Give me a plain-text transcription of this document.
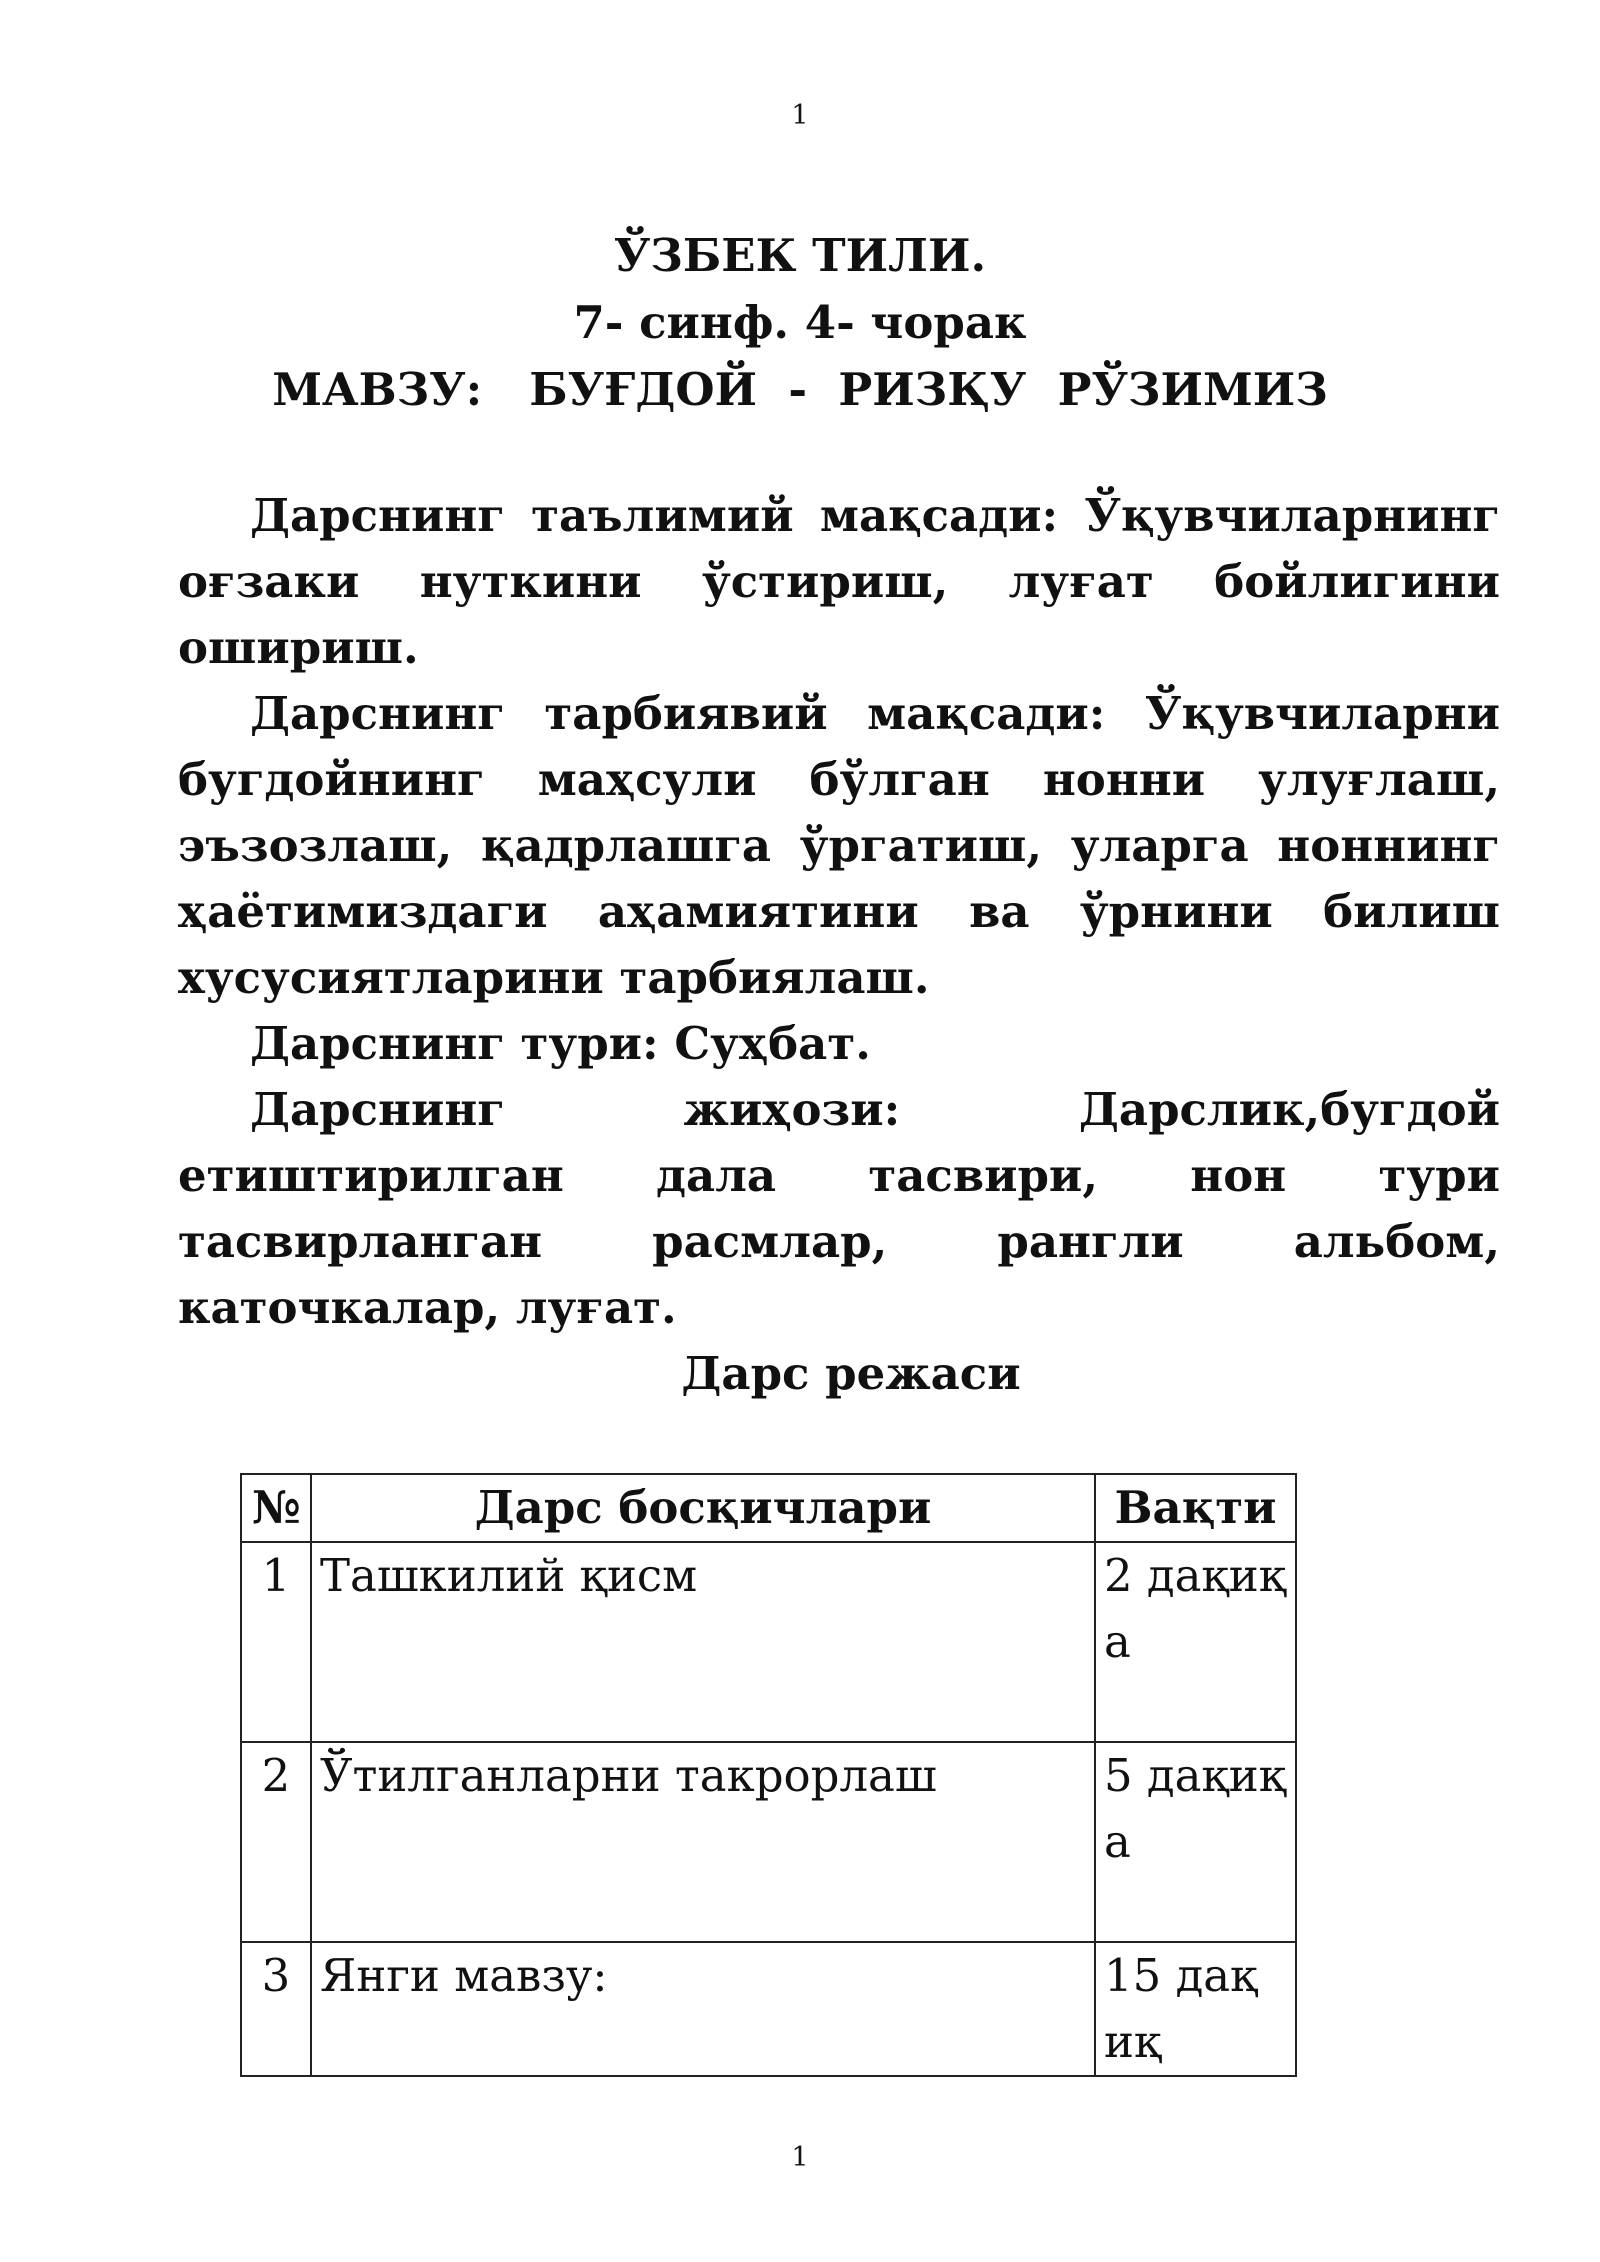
1
ЎЗБЕК ТИЛИ.
7- синф. 4- чорак
МАВЗУ:   БУҒДОЙ  -  РИЗҚУ  РЎЗИМИЗ

Дарснинг таълимий мақсади: Ўқувчиларнинг оғзаки нуткини ўстириш, луғат бойлигини ошириш.

Дарснинг тарбиявий мақсади: Ўқувчиларни бугдойнинг маҳсули бўлган нонни улуғлаш, эъзозлаш, қадрлашга ўргатиш, уларга ноннинг ҳаётимиздаги аҳамиятини ва ўрнини билиш хусусиятларини тарбиялаш.

Дарснинг тури: Суҳбат.

Дарснинг жиҳози: Дарслик,бугдой етиштирилган дала тасвири, нон тури тасвирланган расмлар, рангли альбом, каточкалар, луғат.

Дарс режаси

№	Дарс босқичлари	Вақти
1	Ташкилий қисм	2 дақиқа
2	Ўтилганларни такрорлаш	5 дақиқа
3	Янги мавзу:	15 дақиқ
1
